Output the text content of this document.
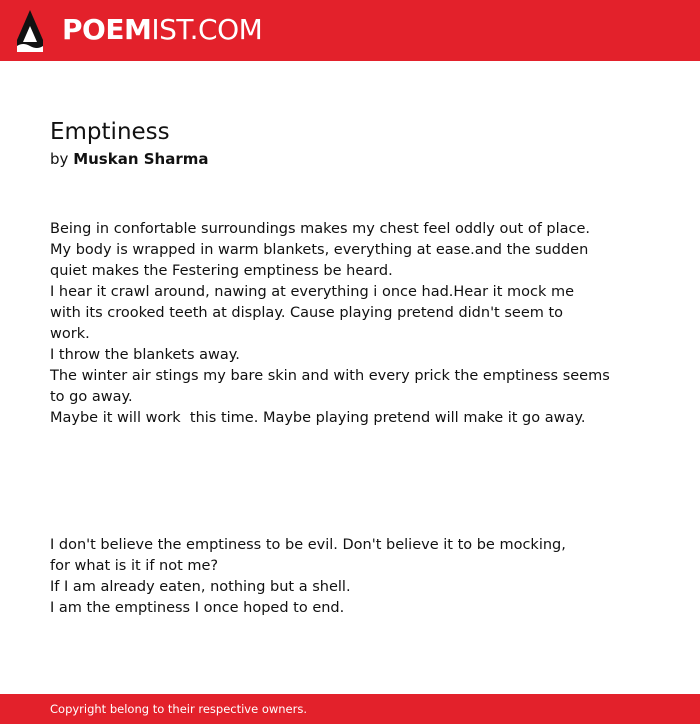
POEMIST.COM
Emptiness
by Muskan Sharma
Being in confortable surroundings makes my chest feel oddly out of place.
My body is wrapped in warm blankets, everything at ease.and the sudden
quiet makes the Festering emptiness be heard.
I hear it crawl around, nawing at everything i once had.Hear it mock me
with its crooked teeth at display. Cause playing pretend didn't seem to
work.
I throw the blankets away.
The winter air stings my bare skin and with every prick the emptiness seems
to go away.
Maybe it will work  this time. Maybe playing pretend will make it go away.
I don't believe the emptiness to be evil. Don't believe it to be mocking,
for what is it if not me?
If I am already eaten, nothing but a shell.
I am the emptiness I once hoped to end.
Copyright belong to their respective owners.
